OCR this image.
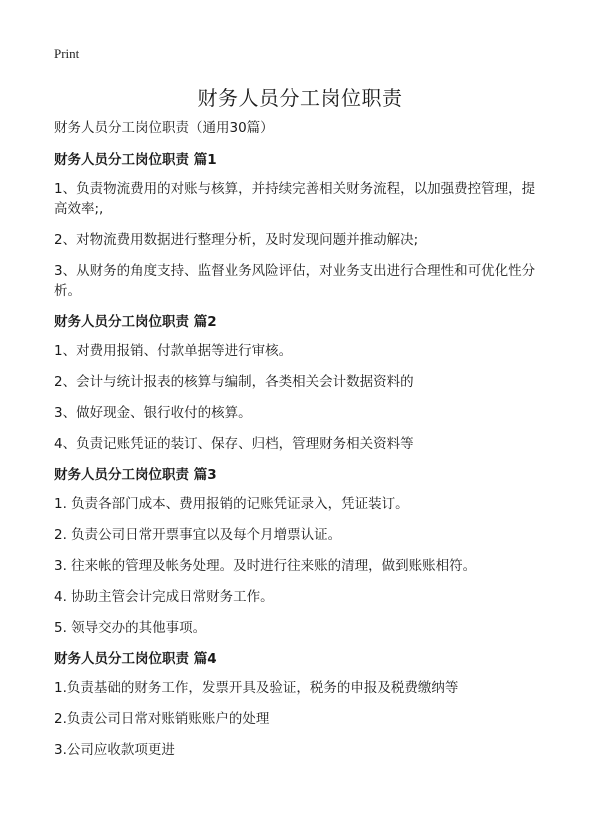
Print
财务人员分工岗位职责

财务人员分工岗位职责（通用30篇）

财务人员分工岗位职责 篇1

1、负责物流费用的对账与核算，并持续完善相关财务流程，以加强费控管理，提高效率;,

2、对物流费用数据进行整理分析，及时发现问题并推动解决;

3、从财务的角度支持、监督业务风险评估，对业务支出进行合理性和可优化性分析。

财务人员分工岗位职责 篇2

1、对费用报销、付款单据等进行审核。

2、会计与统计报表的核算与编制，各类相关会计数据资料的

3、做好现金、银行收付的核算。

4、负责记账凭证的装订、保存、归档，管理财务相关资料等

财务人员分工岗位职责 篇3

1. 负责各部门成本、费用报销的记账凭证录入，凭证装订。

2. 负责公司日常开票事宜以及每个月增票认证。

3. 往来帐的管理及帐务处理。及时进行往来账的清理，做到账账相符。

4. 协助主管会计完成日常财务工作。

5. 领导交办的其他事项。

财务人员分工岗位职责 篇4

1.负责基础的财务工作，发票开具及验证，税务的申报及税费缴纳等

2.负责公司日常对账销账账户的处理

3.公司应收款项更进
